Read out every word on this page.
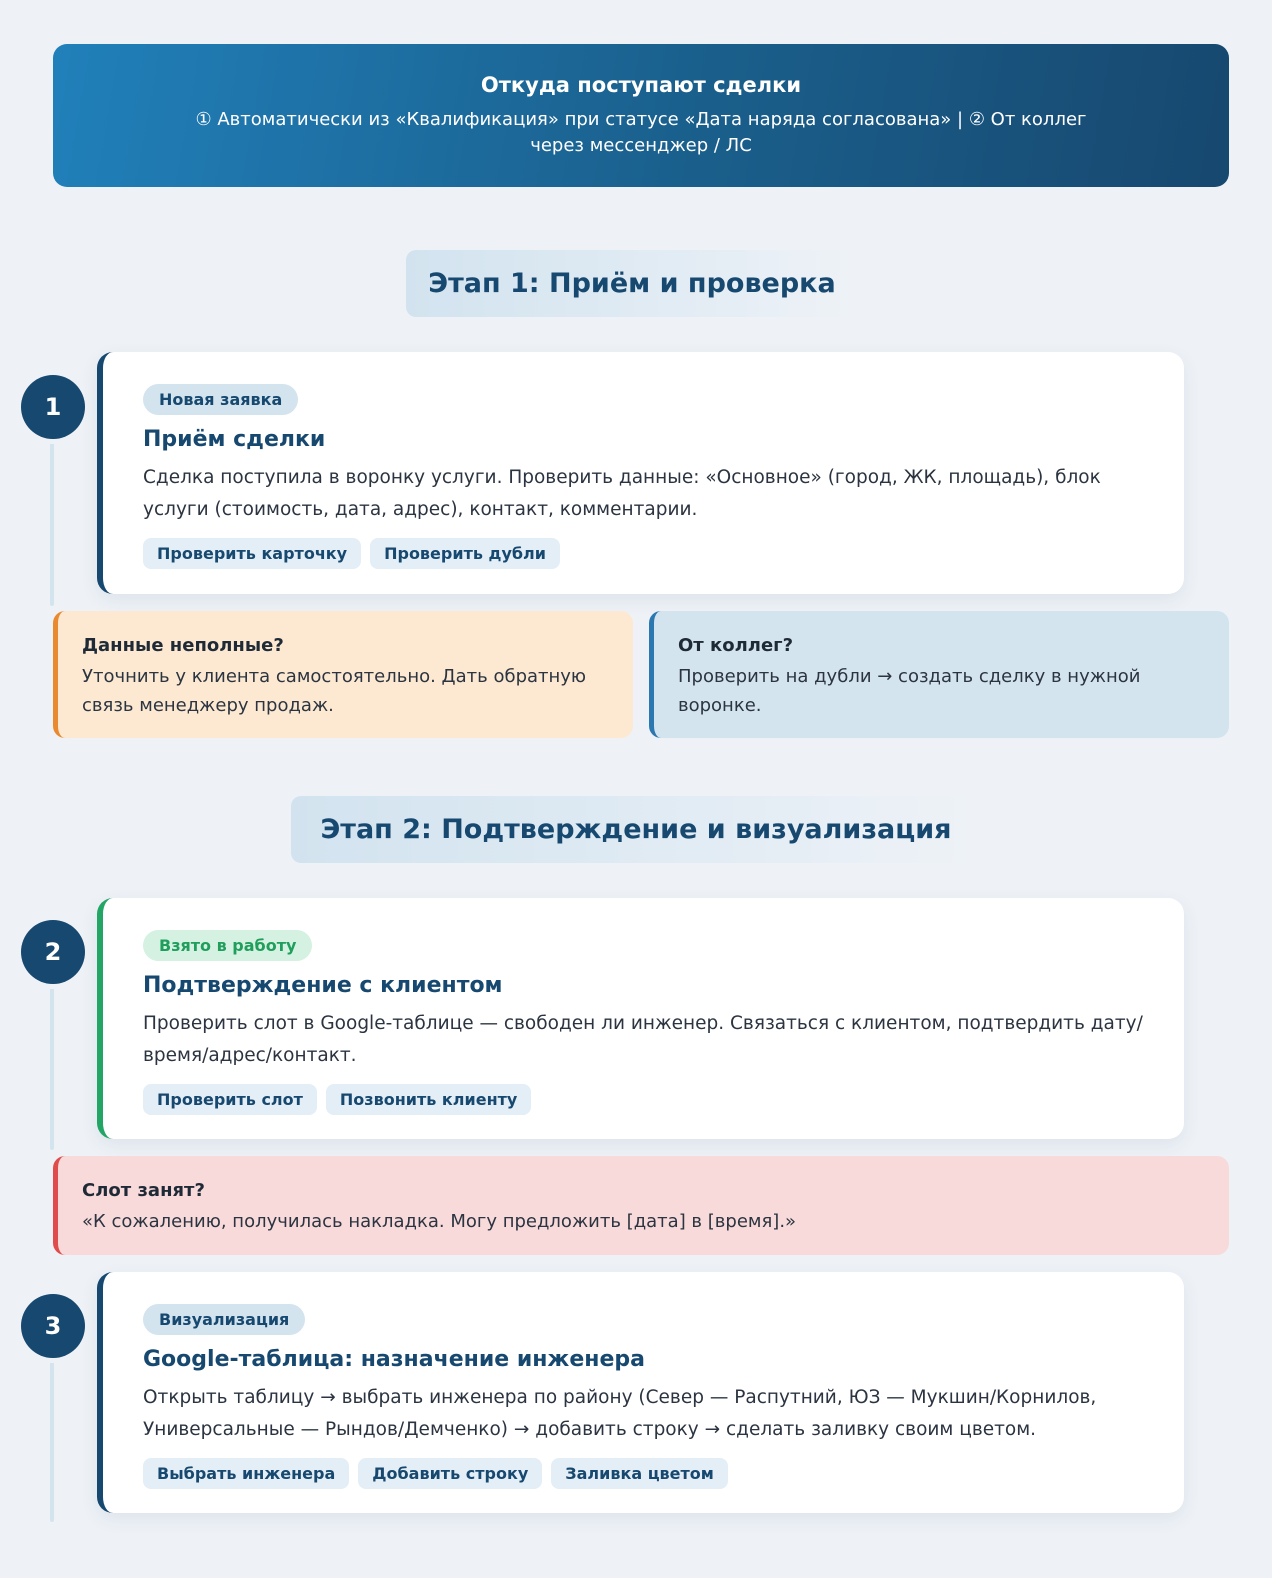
Откуда поступают сделки
① Автоматически из «Квалификация» при статусе «Дата наряда согласована» | ② От коллег через мессенджер / ЛС
Этап 1: Приём и проверка
1	Новая заявка
Приём сделки
Сделка поступила в воронку услуги. Проверить данные: «Основное» (город, ЖК, площадь), блок услуги (стоимость, дата, адрес), контакт, комментарии.
Проверить карточку	Проверить дубли
Данные неполные?
Уточнить у клиента самостоятельно. Дать обратную связь менеджеру продаж.
От коллег?
Проверить на дубли → создать сделку в нужной воронке.
Этап 2: Подтверждение и визуализация
2	Взято в работу
Подтверждение с клиентом
Проверить слот в Google-таблице — свободен ли инженер. Связаться с клиентом, подтвердить дату/время/адрес/контакт.
Проверить слот	Позвонить клиенту
Слот занят?
«К сожалению, получилась накладка. Могу предложить [дата] в [время].»
3	Визуализация
Google-таблица: назначение инженера
Открыть таблицу → выбрать инженера по району (Север — Распутний, ЮЗ — Мукшин/Корнилов, Универсальные — Рындов/Демченко) → добавить строку → сделать заливку своим цветом.
Выбрать инженера	Добавить строку	Заливка цветом
